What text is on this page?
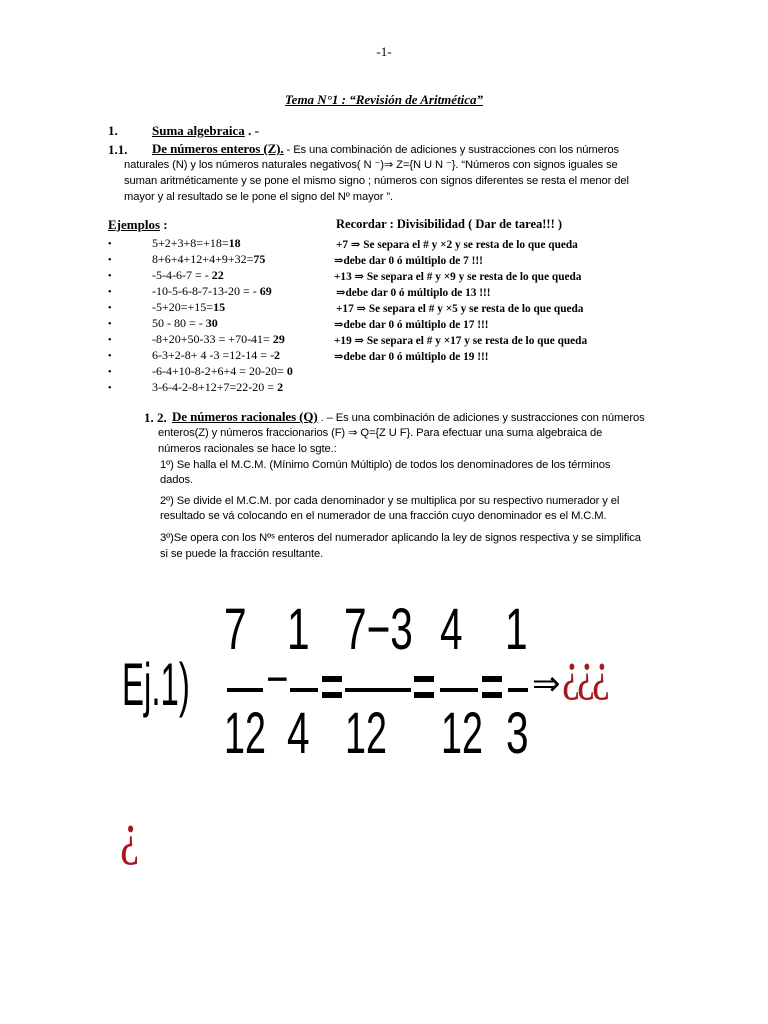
-1-
Tema N°1 : “Revisión de Aritmética”
1.	Suma algebraica . -
1.1. De números enteros (Z). - Es una combinación de adiciones y sustracciones con los números
naturales (N) y los números naturales negativos( N ⁻)⇒ Z={N U N ⁻}. “Números con signos iguales se
suman aritméticamente y se pone el mismo signo ; números con signos diferentes se resta el menor del
mayor y al resultado se le pone el signo del Nº mayor ”.
Ejemplos :	Recordar : Divisibilidad ( Dar de tarea!!! )
•	5+2+3+8=+18=18
•	8+6+4+12+4+9+32=75
•	-5-4-6-7 = - 22
•	-10-5-6-8-7-13-20 = - 69
•	-5+20=+15=15
•	50 - 80 = - 30
•	-8+20+50-33 = +70-41= 29
•	6-3+2-8+ 4 -3 =12-14 = -2
•	-6-4+10-8-2+6+4 = 20-20= 0
•	3-6-4-2-8+12+7=22-20 = 2
+7 ⇒ Se separa el # y ×2 y se resta de lo que queda
⇒debe dar 0 ó múltiplo de 7 !!!
+13 ⇒ Se separa el # y ×9 y se resta de lo que queda
⇒debe dar 0 ó múltiplo de 13 !!!
+17 ⇒ Se separa el # y ×5 y se resta de lo que queda
⇒debe dar 0 ó múltiplo de 17 !!!
+19 ⇒ Se separa el # y ×17 y se resta de lo que queda
⇒debe dar 0 ó múltiplo de 19 !!!
1. 2. De números racionales (Q) . – Es una combinación de adiciones y sustracciones con números
enteros(Z) y números fraccionarios (F) ⇒ Q={Z U F}. Para efectuar una suma algebraica de
números racionales se hace lo sgte.:
1º) Se halla el M.C.M. (Mínimo Común Múltiplo) de todos los denominadores de los términos
dados.
2º) Se divide el M.C.M. por cada denominador y se multiplica por su respectivo numerador y el
resultado se vá colocando en el numerador de una fracción cuyo denominador es el M.C.M.
3º)Se opera con los Nºˢ enteros del numerador aplicando la ley de signos respectiva y se simplifica
si se puede la fracción resultante.
Ej.1)
7
12
−
1
4
7−3
12
4
12
1
3
⇒ ¿¿¿
¿
